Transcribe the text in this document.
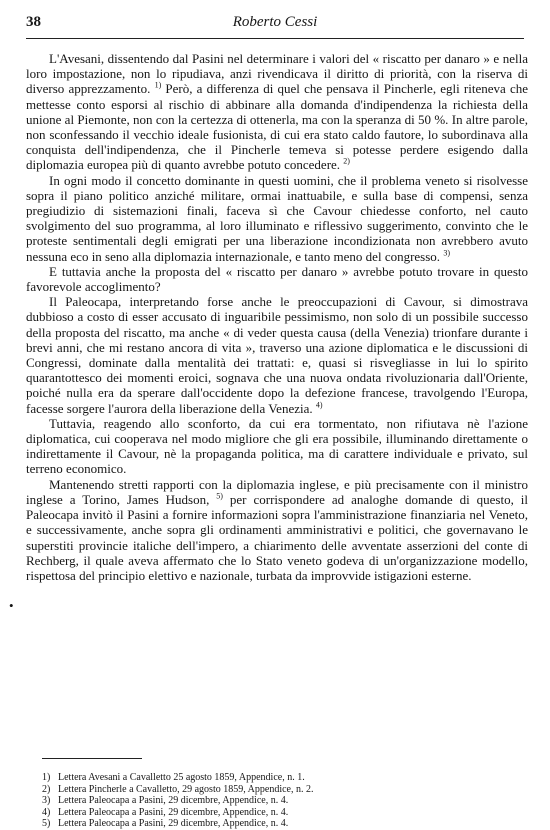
38	Roberto Cessi

L'Avesani, dissentendo dal Pasini nel determinare i valori del « riscatto per danaro » e nella loro impostazione, non lo ripudiava, anzi rivendicava il diritto di priorità, con la riserva di diverso apprezzamento. $^{1)}$ Però, a differenza di quel che pensava il Pincherle, egli riteneva che mettesse conto esporsi al rischio di abbinare alla domanda d'indipendenza la richiesta della unione al Piemonte, non con la certezza di ottenerla, ma con la speranza di 50 %. In altre parole, non sconfessando il vecchio ideale fusionista, di cui era stato caldo fautore, lo subordinava alla conquista dell'indipendenza, che il Pincherle temeva si potesse perdere esigendo dalla diplomazia europea più di quanto avrebbe potuto concedere. $^{2)}$

In ogni modo il concetto dominante in questi uomini, che il problema veneto si risolvesse sopra il piano politico anziché militare, ormai inattuabile, e sulla base di compensi, senza pregiudizio di sistemazioni finali, faceva sì che Cavour chiedesse conforto, nel cauto svolgimento del suo programma, al loro illuminato e riflessivo suggerimento, convinto che le proteste sentimentali degli emigrati per una liberazione incondizionata non avrebbero avuto nessuna eco in seno alla diplomazia internazionale, e tanto meno del congresso. $^{3)}$

E tuttavia anche la proposta del « riscatto per danaro » avrebbe potuto trovare in questo favorevole accoglimento?

Il Paleocapa, interpretando forse anche le preoccupazioni di Cavour, si dimostrava dubbioso a costo di esser accusato di inguaribile pessimismo, non solo di un possibile successo della proposta del riscatto, ma anche « di veder questa causa (della Venezia) trionfare durante i brevi anni, che mi restano ancora di vita », traverso una azione diplomatica e le discussioni di Congressi, dominate dalla mentalità dei trattati: e, quasi si risvegliasse in lui lo spirito quarantottesco dei momenti eroici, sognava che una nuova ondata rivoluzionaria dall'Oriente, poiché nulla era da sperare dall'occidente dopo la defezione francese, travolgendo l'Europa, facesse sorgere l'aurora della liberazione della Venezia. $^{4)}$

Tuttavia, reagendo allo sconforto, da cui era tormentato, non rifiutava nè l'azione diplomatica, cui cooperava nel modo migliore che gli era possibile, illuminando direttamente o indirettamente il Cavour, nè la propaganda politica, ma di carattere individuale e privato, sul terreno economico.

Mantenendo stretti rapporti con la diplomazia inglese, e più precisamente con il ministro inglese a Torino, James Hudson, $^{5)}$ per corrispondere ad analoghe domande di questo, il Paleocapa invitò il Pasini a fornire informazioni sopra l'amministrazione finanziaria nel Veneto, e successivamente, anche sopra gli ordinamenti amministrativi e politici, che governavano le superstiti provincie italiche dell'impero, a chiarimento delle avventate asserzioni del conte di Rechberg, il quale aveva affermato che lo Stato veneto godeva di un'organizzazione modello, rispettosa del principio elettivo e nazionale, turbata da improvvide istigazioni esterne.

•
1) Lettera Avesani a Cavalletto 25 agosto 1859, Appendice, n. 1.
2) Lettera Pincherle a Cavalletto, 29 agosto 1859, Appendice, n. 2.
3) Lettera Paleocapa a Pasini, 29 dicembre, Appendice, n. 4.
4) Lettera Paleocapa a Pasini, 29 dicembre, Appendice, n. 4.
5) Lettera Paleocapa a Pasini, 29 dicembre, Appendice, n. 4.
